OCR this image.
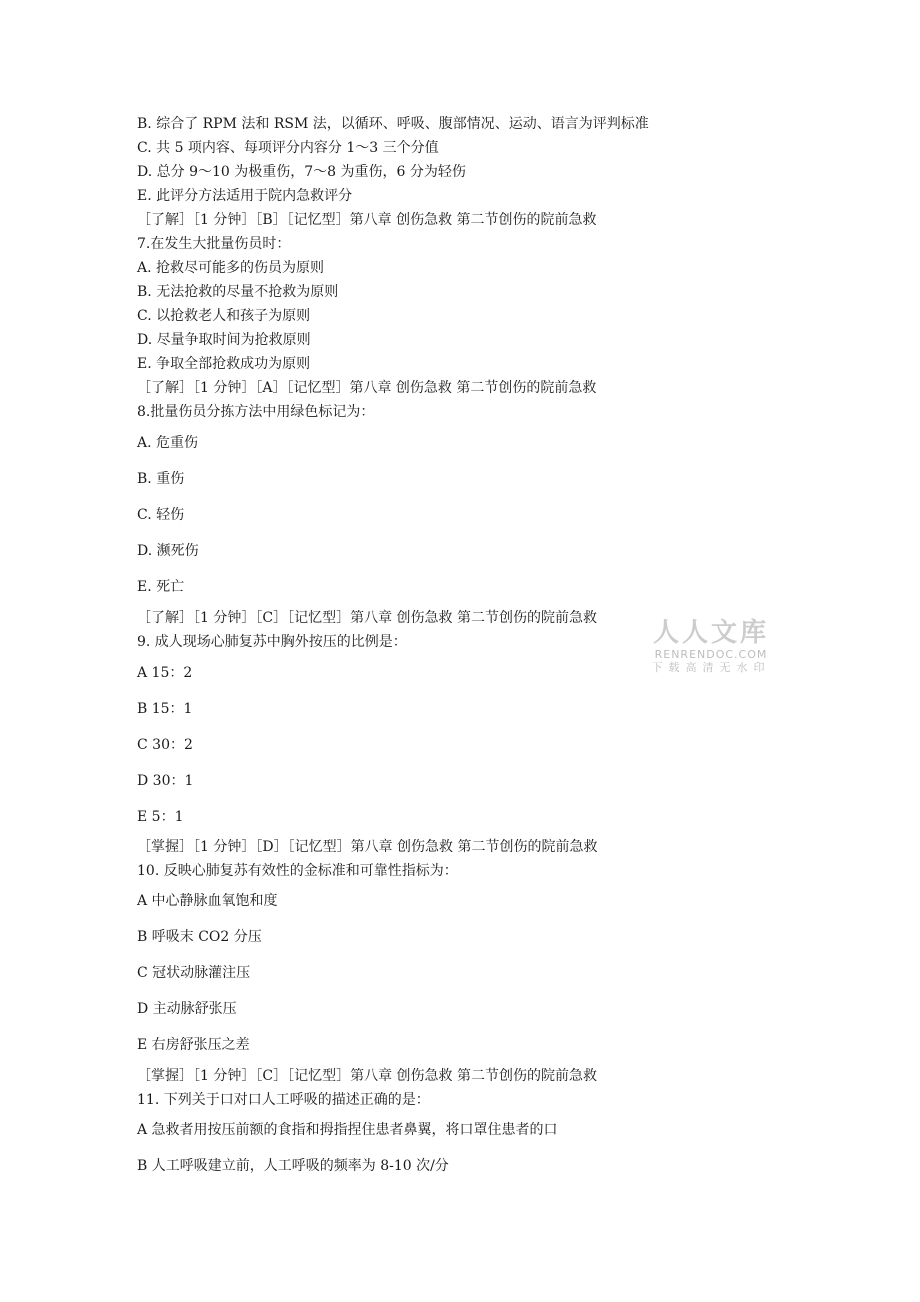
B. 综合了 RPM 法和 RSM 法，以循环、呼吸、腹部情况、运动、语言为评判标准
C. 共 5 项内容、每项评分内容分 1～3 三个分值
D. 总分 9～10 为极重伤，7～8 为重伤，6 分为轻伤
E. 此评分方法适用于院内急救评分
［了解］［1 分钟］［B］［记忆型］第八章 创伤急救 第二节创伤的院前急救
7.在发生大批量伤员时：
A. 抢救尽可能多的伤员为原则
B. 无法抢救的尽量不抢救为原则
C. 以抢救老人和孩子为原则
D. 尽量争取时间为抢救原则
E. 争取全部抢救成功为原则
［了解］［1 分钟］［A］［记忆型］第八章 创伤急救 第二节创伤的院前急救
8.批量伤员分拣方法中用绿色标记为：
A. 危重伤
B. 重伤
C. 轻伤
D. 濒死伤
E. 死亡
［了解］［1 分钟］［C］［记忆型］第八章 创伤急救 第二节创伤的院前急救
9. 成人现场心肺复苏中胸外按压的比例是：
A 15：2
B 15：1
C 30：2
D 30：1
E 5：1
［掌握］［1 分钟］［D］［记忆型］第八章 创伤急救 第二节创伤的院前急救
10. 反映心肺复苏有效性的金标准和可靠性指标为：
A 中心静脉血氧饱和度
B 呼吸末 CO2 分压
C 冠状动脉灌注压
D 主动脉舒张压
E 右房舒张压之差
［掌握］［1 分钟］［C］［记忆型］第八章 创伤急救 第二节创伤的院前急救
11. 下列关于口对口人工呼吸的描述正确的是：
A 急救者用按压前额的食指和拇指捏住患者鼻翼，将口罩住患者的口
B 人工呼吸建立前，人工呼吸的频率为 8-10 次/分
人人文库
RENRENDOC.COM
下载高清无水印
